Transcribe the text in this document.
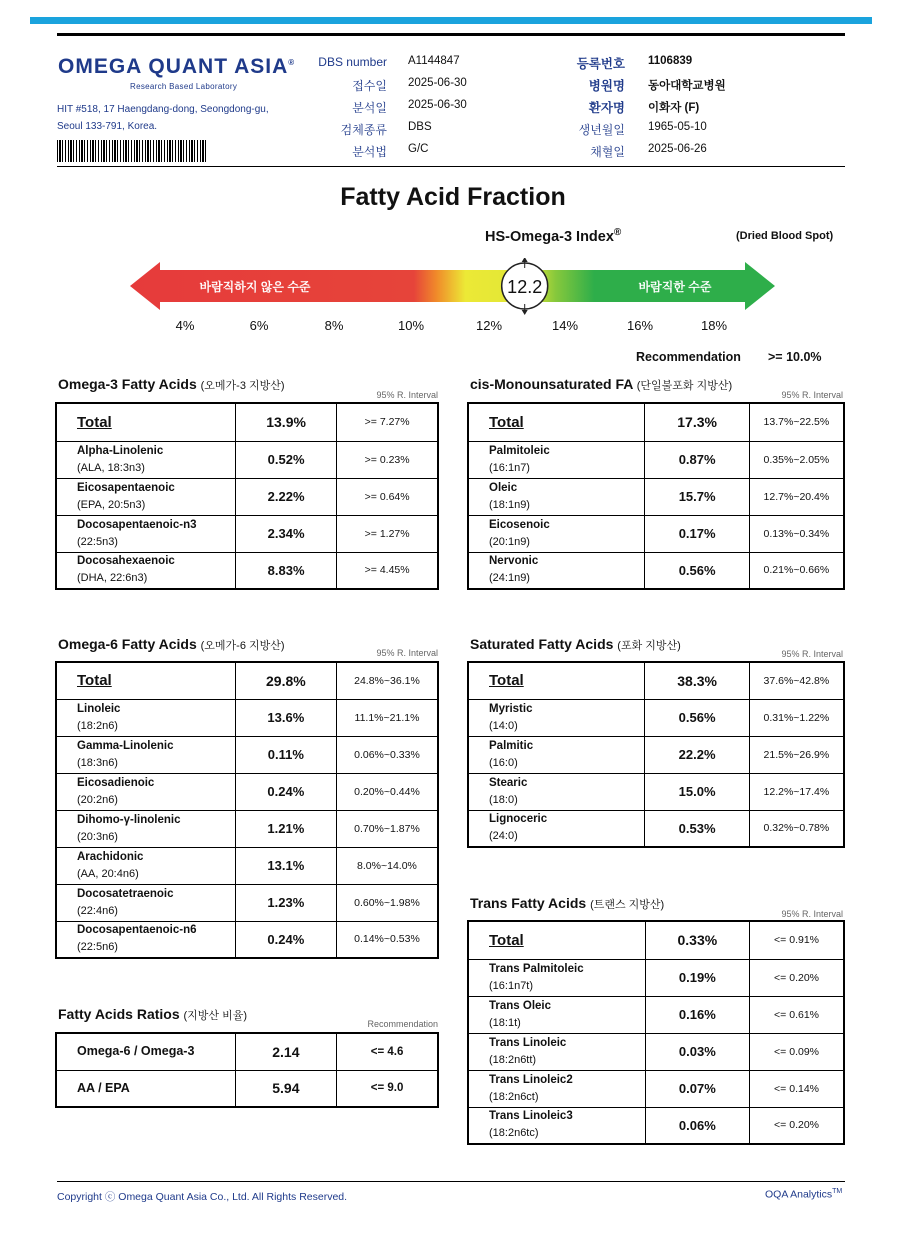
OMEGA QUANT ASIA®
Research Based Laboratory
HIT #518, 17 Haengdang-dong, Seongdong-gu,
Seoul 133-791, Korea.
DBS number A1144847
접수일 2025-06-30
분석일 2025-06-30
검체종류 DBS
분석법 G/C
등록번호 1106839
병원명 동아대학교병원
환자명 이화자 (F)
생년월일 1965-05-10
채혈일 2025-06-26
Fatty Acid Fraction
HS-Omega-3 Index®	(Dried Blood Spot)
바람직하지 않은 수준	바람직한 수준
12.2
4%	6%	8%	10%	12%	14%	16%	18%
Recommendation >= 10.0%
Omega-3 Fatty Acids (오메가-3 지방산)
95% R. Interval
cis-Monounsaturated FA (단일불포화 지방산)
95% R. Interval
Omega-6 Fatty Acids (오메가-6 지방산)
95% R. Interval
Saturated Fatty Acids (포화 지방산)
95% R. Interval
Trans Fatty Acids (트랜스 지방산)
95% R. Interval
Fatty Acids Ratios (지방산 비율)
Recommendation
Total	13.9%	>= 7.27%
Alpha-Linolenic
(ALA, 18:3n3)	0.52%	>= 0.23%
Eicosapentaenoic
(EPA, 20:5n3)	2.22%	>= 0.64%
Docosapentaenoic-n3
(22:5n3)	2.34%	>= 1.27%
Docosahexaenoic
(DHA, 22:6n3)	8.83%	>= 4.45%
Total	17.3%	13.7%~22.5%
Palmitoleic
(16:1n7)	0.87%	0.35%~2.05%
Oleic
(18:1n9)	15.7%	12.7%~20.4%
Eicosenoic
(20:1n9)	0.17%	0.13%~0.34%
Nervonic
(24:1n9)	0.56%	0.21%~0.66%
Total	29.8%	24.8%~36.1%
Linoleic
(18:2n6)	13.6%	11.1%~21.1%
Gamma-Linolenic
(18:3n6)	0.11%	0.06%~0.33%
Eicosadienoic
(20:2n6)	0.24%	0.20%~0.44%
Dihomo-γ-linolenic
(20:3n6)	1.21%	0.70%~1.87%
Arachidonic
(AA, 20:4n6)	13.1%	8.0%~14.0%
Docosatetraenoic
(22:4n6)	1.23%	0.60%~1.98%
Docosapentaenoic-n6
(22:5n6)	0.24%	0.14%~0.53%
Total	38.3%	37.6%~42.8%
Myristic
(14:0)	0.56%	0.31%~1.22%
Palmitic
(16:0)	22.2%	21.5%~26.9%
Stearic
(18:0)	15.0%	12.2%~17.4%
Lignoceric
(24:0)	0.53%	0.32%~0.78%
Total	0.33%	<= 0.91%
Trans Palmitoleic
(16:1n7t)	0.19%	<= 0.20%
Trans Oleic
(18:1t)	0.16%	<= 0.61%
Trans Linoleic
(18:2n6tt)	0.03%	<= 0.09%
Trans Linoleic2
(18:2n6ct)	0.07%	<= 0.14%
Trans Linoleic3
(18:2n6tc)	0.06%	<= 0.20%
Omega-6 / Omega-3	2.14	<= 4.6
AA / EPA	5.94	<= 9.0
Copyright ⓒ Omega Quant Asia Co., Ltd. All Rights Reserved.	OQA Analytics™
